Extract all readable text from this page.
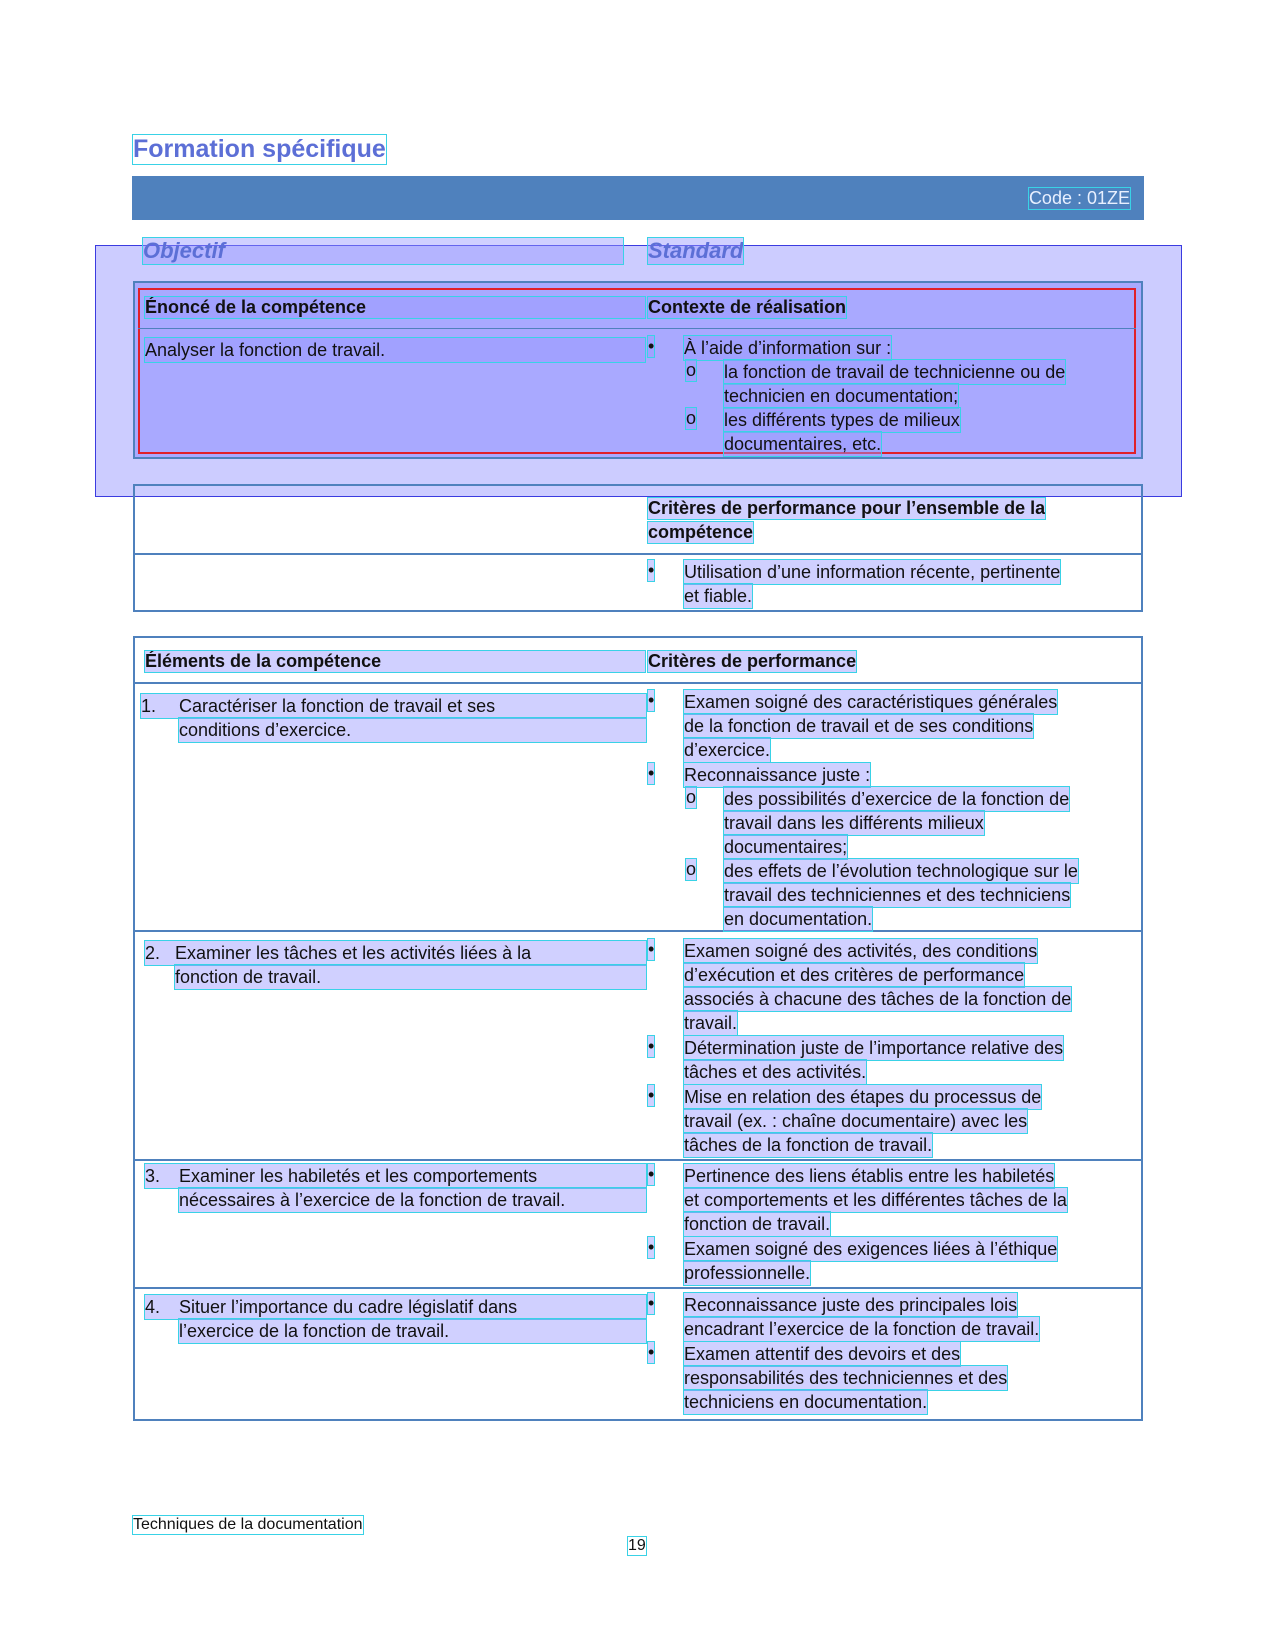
Formation spécifique
Code : 01ZE
Objectif	Standard
Énoncé de la compétence	Contexte de réalisation
Analyser la fonction de travail.	• À l’aide d’information sur :
o la fonction de travail de technicienne ou de
technicien en documentation;
o les différents types de milieux
documentaires, etc.
Critères de performance pour l’ensemble de la
compétence
• Utilisation d’une information récente, pertinente
et fiable.
Éléments de la compétence	Critères de performance
1. Caractériser la fonction de travail et ses
conditions d’exercice.
• Examen soigné des caractéristiques générales
de la fonction de travail et de ses conditions
d’exercice.
• Reconnaissance juste :
o des possibilités d’exercice de la fonction de
travail dans les différents milieux
documentaires;
o des effets de l’évolution technologique sur le
travail des techniciennes et des techniciens
en documentation.
2. Examiner les tâches et les activités liées à la
fonction de travail.
• Examen soigné des activités, des conditions
d’exécution et des critères de performance
associés à chacune des tâches de la fonction de
travail.
• Détermination juste de l’importance relative des
tâches et des activités.
• Mise en relation des étapes du processus de
travail (ex. : chaîne documentaire) avec les
tâches de la fonction de travail.
3. Examiner les habiletés et les comportements
nécessaires à l’exercice de la fonction de travail.
• Pertinence des liens établis entre les habiletés
et comportements et les différentes tâches de la
fonction de travail.
• Examen soigné des exigences liées à l’éthique
professionnelle.
4. Situer l’importance du cadre législatif dans
l’exercice de la fonction de travail.
• Reconnaissance juste des principales lois
encadrant l’exercice de la fonction de travail.
• Examen attentif des devoirs et des
responsabilités des techniciennes et des
techniciens en documentation.
Techniques de la documentation
19
